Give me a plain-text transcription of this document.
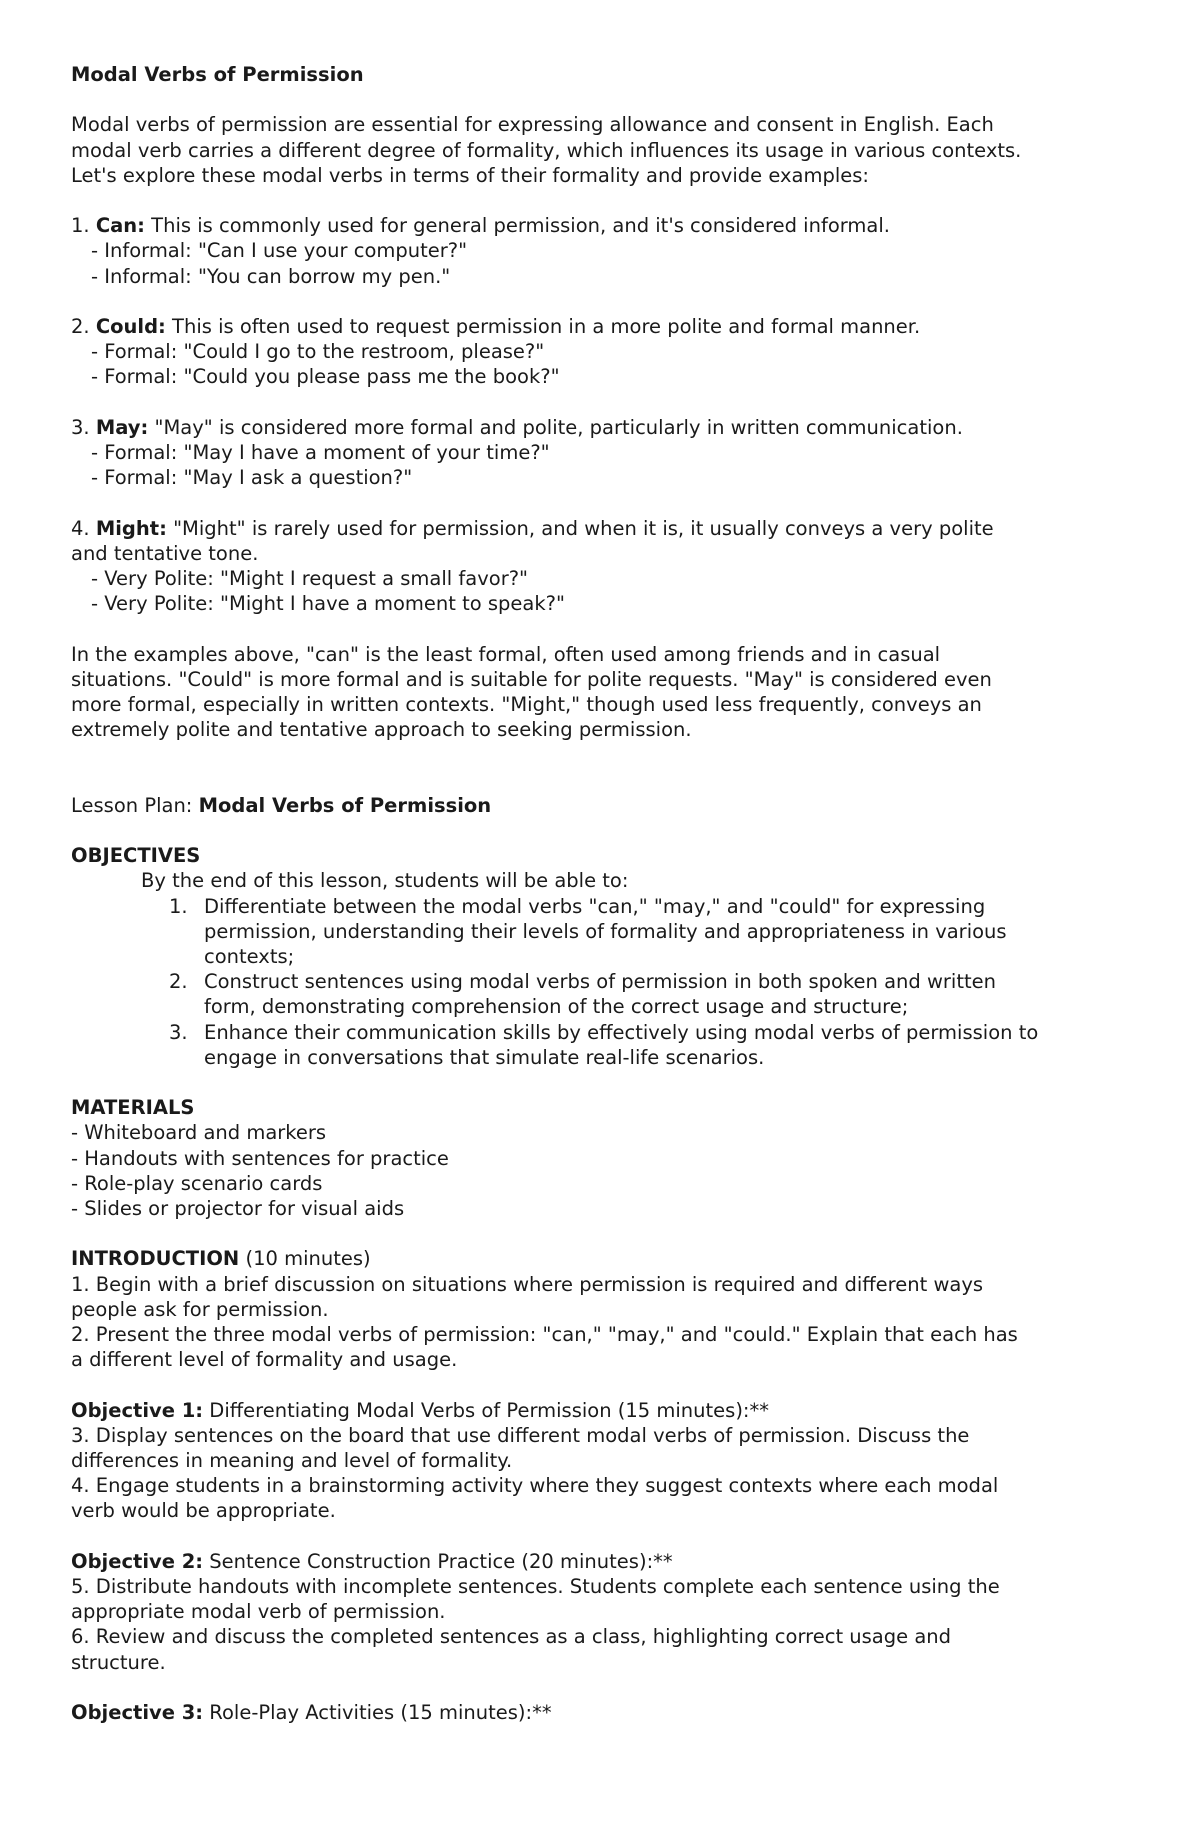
Modal Verbs of Permission
Modal verbs of permission are essential for expressing allowance and consent in English. Each
modal verb carries a different degree of formality, which influences its usage in various contexts.
Let's explore these modal verbs in terms of their formality and provide examples:
1. Can: This is commonly used for general permission, and it's considered informal.
- Informal: "Can I use your computer?"
- Informal: "You can borrow my pen."
2. Could: This is often used to request permission in a more polite and formal manner.
- Formal: "Could I go to the restroom, please?"
- Formal: "Could you please pass me the book?"
3. May: "May" is considered more formal and polite, particularly in written communication.
- Formal: "May I have a moment of your time?"
- Formal: "May I ask a question?"
4. Might: "Might" is rarely used for permission, and when it is, it usually conveys a very polite
and tentative tone.
- Very Polite: "Might I request a small favor?"
- Very Polite: "Might I have a moment to speak?"
In the examples above, "can" is the least formal, often used among friends and in casual
situations. "Could" is more formal and is suitable for polite requests. "May" is considered even
more formal, especially in written contexts. "Might," though used less frequently, conveys an
extremely polite and tentative approach to seeking permission.
Lesson Plan: Modal Verbs of Permission
OBJECTIVES
By the end of this lesson, students will be able to:
1. Differentiate between the modal verbs "can," "may," and "could" for expressing
permission, understanding their levels of formality and appropriateness in various
contexts;
2. Construct sentences using modal verbs of permission in both spoken and written
form, demonstrating comprehension of the correct usage and structure;
3. Enhance their communication skills by effectively using modal verbs of permission to
engage in conversations that simulate real-life scenarios.
MATERIALS
- Whiteboard and markers
- Handouts with sentences for practice
- Role-play scenario cards
- Slides or projector for visual aids
INTRODUCTION (10 minutes)
1. Begin with a brief discussion on situations where permission is required and different ways
people ask for permission.
2. Present the three modal verbs of permission: "can," "may," and "could." Explain that each has
a different level of formality and usage.
Objective 1: Differentiating Modal Verbs of Permission (15 minutes):**
3. Display sentences on the board that use different modal verbs of permission. Discuss the
differences in meaning and level of formality.
4. Engage students in a brainstorming activity where they suggest contexts where each modal
verb would be appropriate.
Objective 2: Sentence Construction Practice (20 minutes):**
5. Distribute handouts with incomplete sentences. Students complete each sentence using the
appropriate modal verb of permission.
6. Review and discuss the completed sentences as a class, highlighting correct usage and
structure.
Objective 3: Role-Play Activities (15 minutes):**
